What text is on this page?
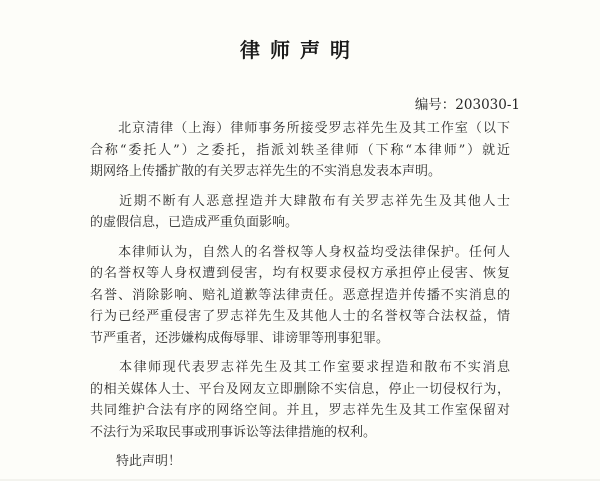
律师声明
编号：203030-1
　　北京清律（上海）律师事务所接受罗志祥先生及其工作室（以下
合称“委托人”）之委托，指派刘轶圣律师（下称“本律师”）就近
期网络上传播扩散的有关罗志祥先生的不实消息发表本声明。
　　近期不断有人恶意捏造并大肆散布有关罗志祥先生及其他人士
的虚假信息，已造成严重负面影响。
　　本律师认为，自然人的名誉权等人身权益均受法律保护。任何人
的名誉权等人身权遭到侵害，均有权要求侵权方承担停止侵害、恢复
名誉、消除影响、赔礼道歉等法律责任。恶意捏造并传播不实消息的
行为已经严重侵害了罗志祥先生及其他人士的名誉权等合法权益，情
节严重者，还涉嫌构成侮辱罪、诽谤罪等刑事犯罪。
　　本律师现代表罗志祥先生及其工作室要求捏造和散布不实消息
的相关媒体人士、平台及网友立即删除不实信息，停止一切侵权行为，
共同维护合法有序的网络空间。并且，罗志祥先生及其工作室保留对
不法行为采取民事或刑事诉讼等法律措施的权利。
　　特此声明！
